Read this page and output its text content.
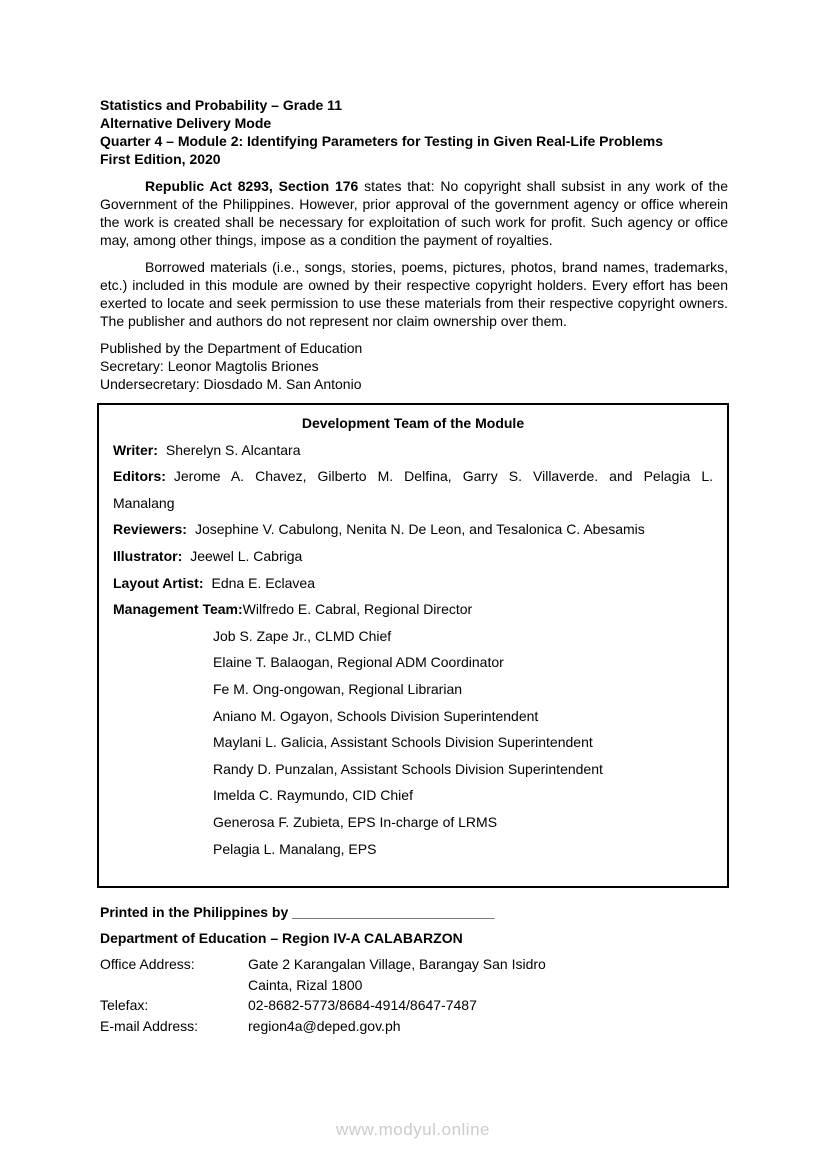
Statistics and Probability – Grade 11
Alternative Delivery Mode
Quarter 4 – Module 2: Identifying Parameters for Testing in Given Real-Life Problems
First Edition, 2020
Republic Act 8293, Section 176 states that: No copyright shall subsist in any work of the Government of the Philippines. However, prior approval of the government agency or office wherein the work is created shall be necessary for exploitation of such work for profit. Such agency or office may, among other things, impose as a condition the payment of royalties.
Borrowed materials (i.e., songs, stories, poems, pictures, photos, brand names, trademarks, etc.) included in this module are owned by their respective copyright holders. Every effort has been exerted to locate and seek permission to use these materials from their respective copyright owners. The publisher and authors do not represent nor claim ownership over them.
Published by the Department of Education
Secretary: Leonor Magtolis Briones
Undersecretary: Diosdado M. San Antonio
Development Team of the Module
Writer: Sherelyn S. Alcantara
Editors: Jerome A. Chavez, Gilberto M. Delfina, Garry S. Villaverde. and Pelagia L.
Manalang
Reviewers: Josephine V. Cabulong, Nenita N. De Leon, and Tesalonica C. Abesamis
Illustrator: Jeewel L. Cabriga
Layout Artist: Edna E. Eclavea
Management Team:Wilfredo E. Cabral, Regional Director
Job S. Zape Jr., CLMD Chief
Elaine T. Balaogan, Regional ADM Coordinator
Fe M. Ong-ongowan, Regional Librarian
Aniano M. Ogayon, Schools Division Superintendent
Maylani L. Galicia, Assistant Schools Division Superintendent
Randy D. Punzalan, Assistant Schools Division Superintendent
Imelda C. Raymundo, CID Chief
Generosa F. Zubieta, EPS In-charge of LRMS
Pelagia L. Manalang, EPS
Printed in the Philippines by __________________________
Department of Education – Region IV-A CALABARZON
Office Address:	Gate 2 Karangalan Village, Barangay San Isidro
Cainta, Rizal 1800
Telefax:	02-8682-5773/8684-4914/8647-7487
E-mail Address:	region4a@deped.gov.ph
www.modyul.online
